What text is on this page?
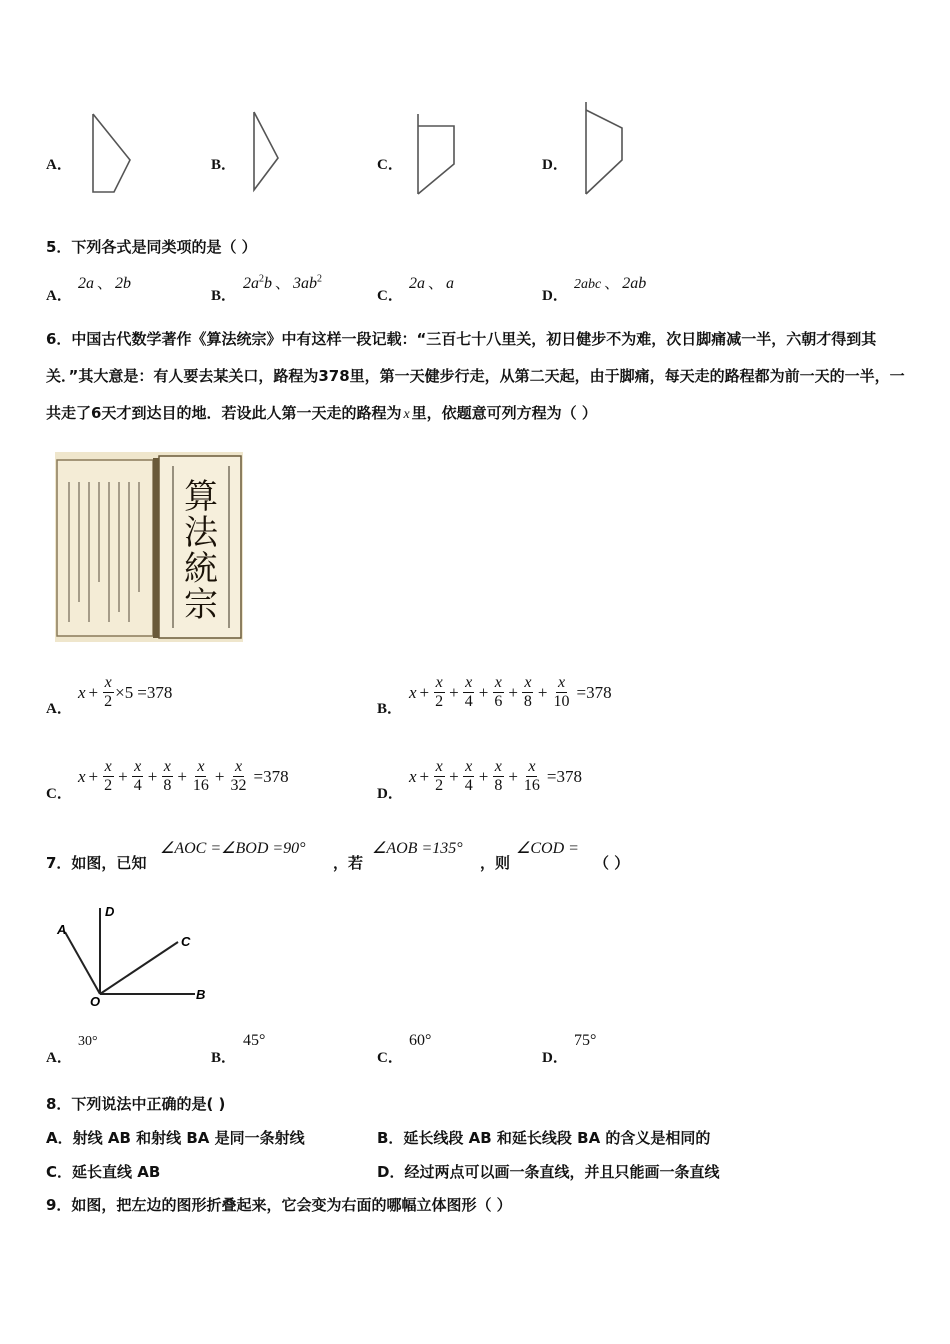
A．	B．	C．	D．
5．下列各式是同类项的是（ ）
A．
2a 、 2b
B．
$2a^2b$ 、 $3ab^2$
C．
2a 、 a
D．
2abc 、 2ab
6．中国古代数学著作《算法统宗》中有这样一段记载：“三百七十八里关，初日健步不为难，次日脚痛减一半，六朝才得到其关．”其大意是：有人要去某关口，路程为378里，第一天健步行走，从第二天起，由于脚痛，每天走的路程都为前一天的一半，一共走了6天才到达目的地．若设此人第一天走的路程为 x 里，依题意可列方程为（ ）
算
法
統
宗
A．
$x + \frac{x}{2} \times 5 =378$
B．
$x + \frac{x}{2} + \frac{x}{4} + \frac{x}{6} + \frac{x}{8} + \frac{x}{10} =378$
C．
$x + \frac{x}{2} + \frac{x}{4} + \frac{x}{8} + \frac{x}{16} + \frac{x}{32} =378$
D．
$x + \frac{x}{2} + \frac{x}{4} + \frac{x}{8} + \frac{x}{16} =378$
7．如图，已知
∠AOC =∠BOD =90°
，若
∠AOB =135°
，则
∠COD =
（ ）
A
D
C
O	B
A．
30°
B．
45°
C．
60°
D．
75°
8．下列说法中正确的是( )
A．射线 AB 和射线 BA 是同一条射线	B．延长线段 AB 和延长线段 BA 的含义是相同的
C．延长直线 AB	D．经过两点可以画一条直线，并且只能画一条直线
9．如图，把左边的图形折叠起来，它会变为右面的哪幅立体图形（ ）
